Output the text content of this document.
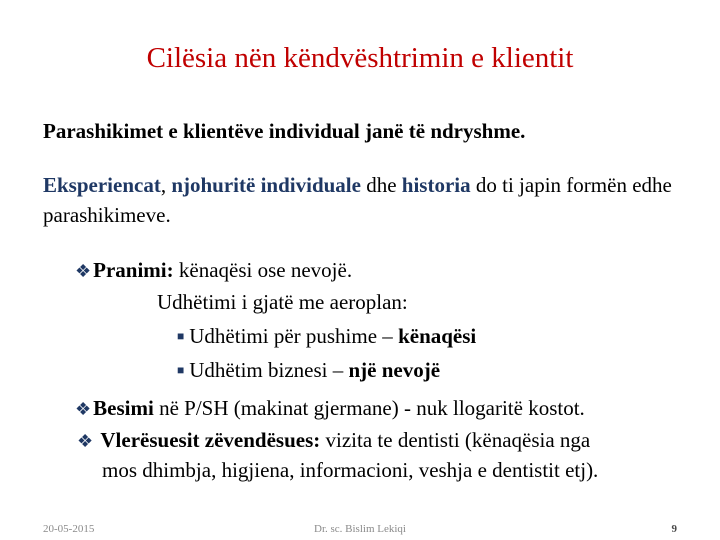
Cilësia nën këndvështrimin e klientit
Parashikimet e klientëve individual janë të ndryshme.
Eksperiencat, njohuritë individuale dhe historia do ti japin formën edhe parashikimeve.
❖Pranimi: kënaqësi ose nevojë.
Udhëtimi i gjatë me aeroplan:
■ Udhëtimi për pushime – kënaqësi
■ Udhëtim biznesi – një nevojë
❖Besimi në P/SH (makinat gjermane) - nuk llogaritë kostot.
❖ Vlerësuesit zëvendësues: vizita te dentisti (kënaqësia nga
mos dhimbja, higjiena, informacioni, veshja e dentistit etj).
20-05-2015	Dr. sc. Bislim Lekiqi	9
